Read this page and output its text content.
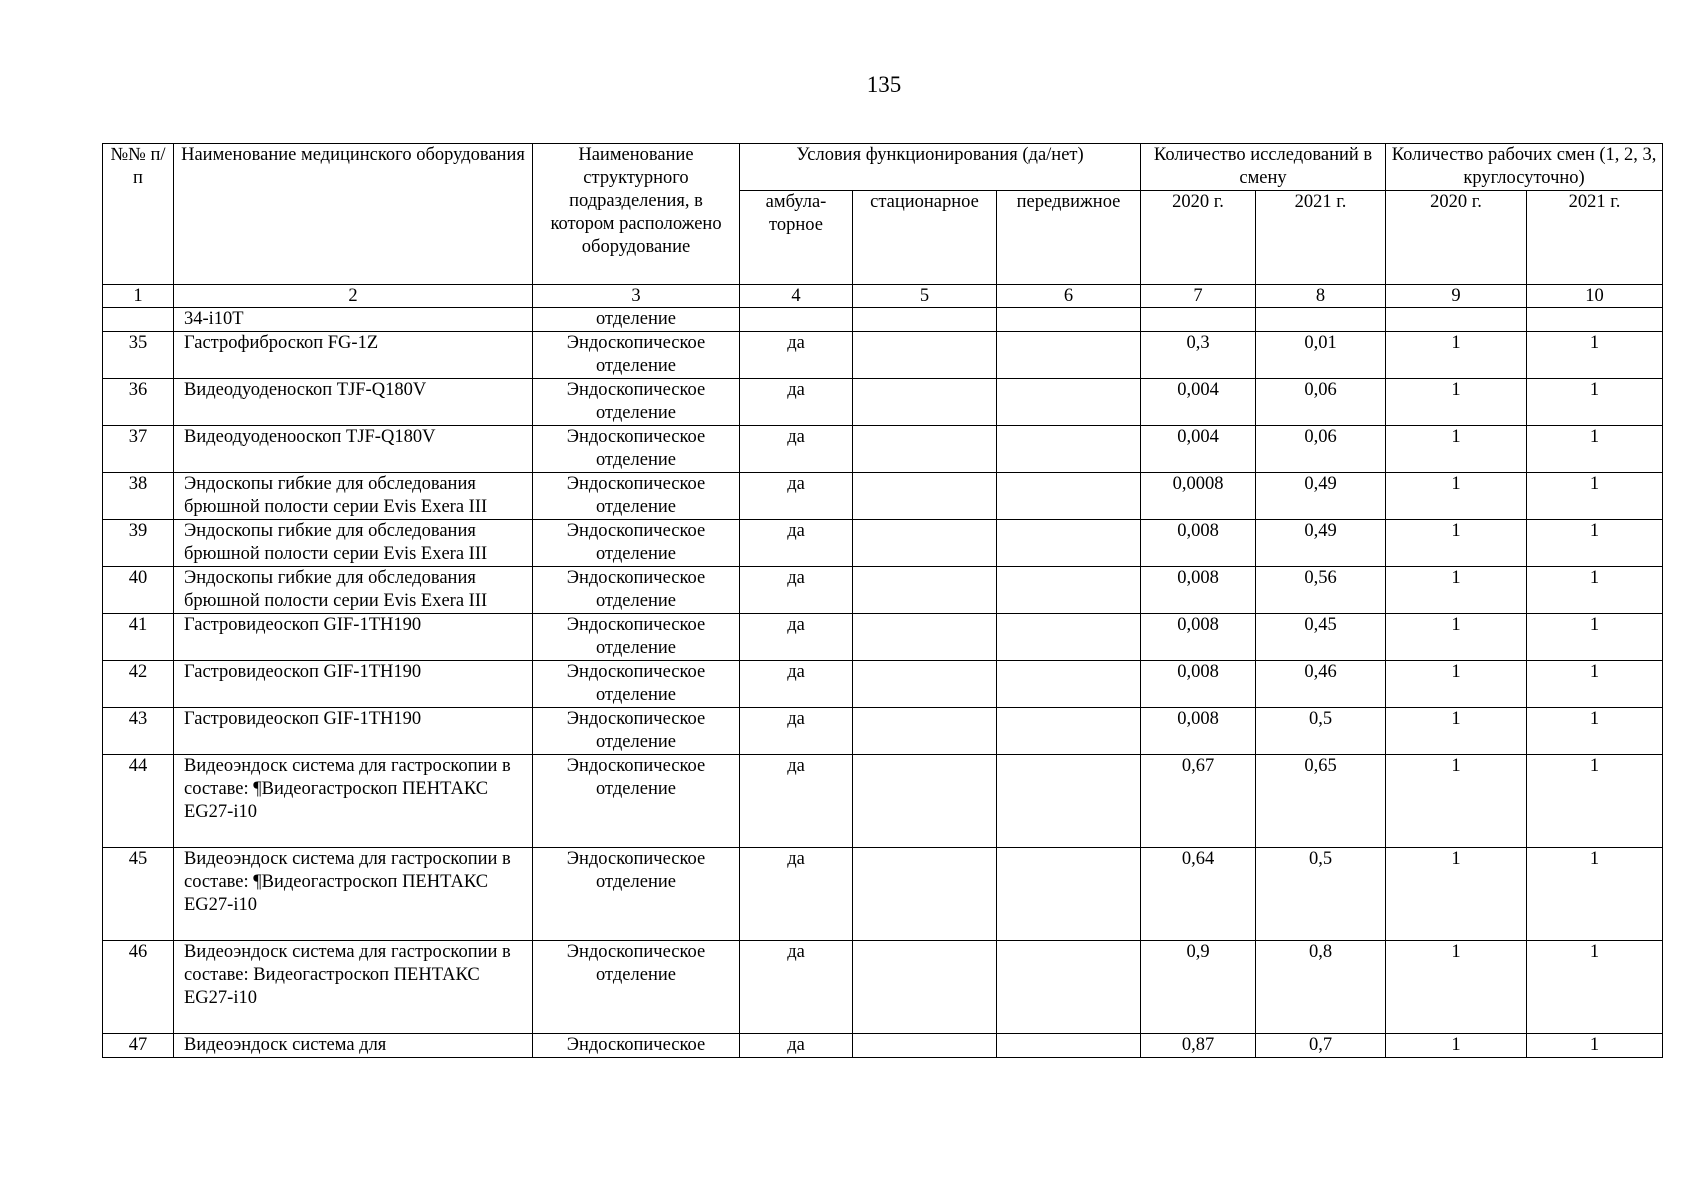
135
№№ п/п	Наименование медицинского оборудования	Наименование структурного подразделения, в котором расположено оборудование	Условия функционирования (да/нет)			Количество исследований в смену		Количество рабочих смен (1, 2, 3, круглосуточно)	
			амбула-торное	стационарное	передвижное	2020 г.	2021 г.	2020 г.	2021 г.
1	2	3	4	5	6	7	8	9	10
	34-i10T	отделение							
35	Гастрофиброскоп FG-1Z	Эндоскопическое отделение	да			0,3	0,01	1	1
36	Видеодуоденоскоп TJF-Q180V	Эндоскопическое отделение	да			0,004	0,06	1	1
37	Видеодуоденооскоп TJF-Q180V	Эндоскопическое отделение	да			0,004	0,06	1	1
38	Эндоскопы гибкие для обследования брюшной полости серии Evis Exera III	Эндоскопическое отделение	да			0,0008	0,49	1	1
39	Эндоскопы гибкие для обследования брюшной полости серии Evis Exera III	Эндоскопическое отделение	да			0,008	0,49	1	1
40	Эндоскопы гибкие для обследования брюшной полости серии Evis Exera III	Эндоскопическое отделение	да			0,008	0,56	1	1
41	Гастровидеоскоп GIF-1TH190	Эндоскопическое отделение	да			0,008	0,45	1	1
42	Гастровидеоскоп GIF-1TH190	Эндоскопическое отделение	да			0,008	0,46	1	1
43	Гастровидеоскоп GIF-1TH190	Эндоскопическое отделение	да			0,008	0,5	1	1
44	Видеоэндоск система для гастроскопии в составе: ¶Видеогастроскоп ПЕНТАКС EG27-i10	Эндоскопическое отделение	да			0,67	0,65	1	1
45	Видеоэндоск система для гастроскопии в составе: ¶Видеогастроскоп ПЕНТАКС EG27-i10	Эндоскопическое отделение	да			0,64	0,5	1	1
46	Видеоэндоск система для гастроскопии в составе: Видеогастроскоп ПЕНТАКС EG27-i10	Эндоскопическое отделение	да			0,9	0,8	1	1
47	Видеоэндоск система для	Эндоскопическое	да			0,87	0,7	1	1
